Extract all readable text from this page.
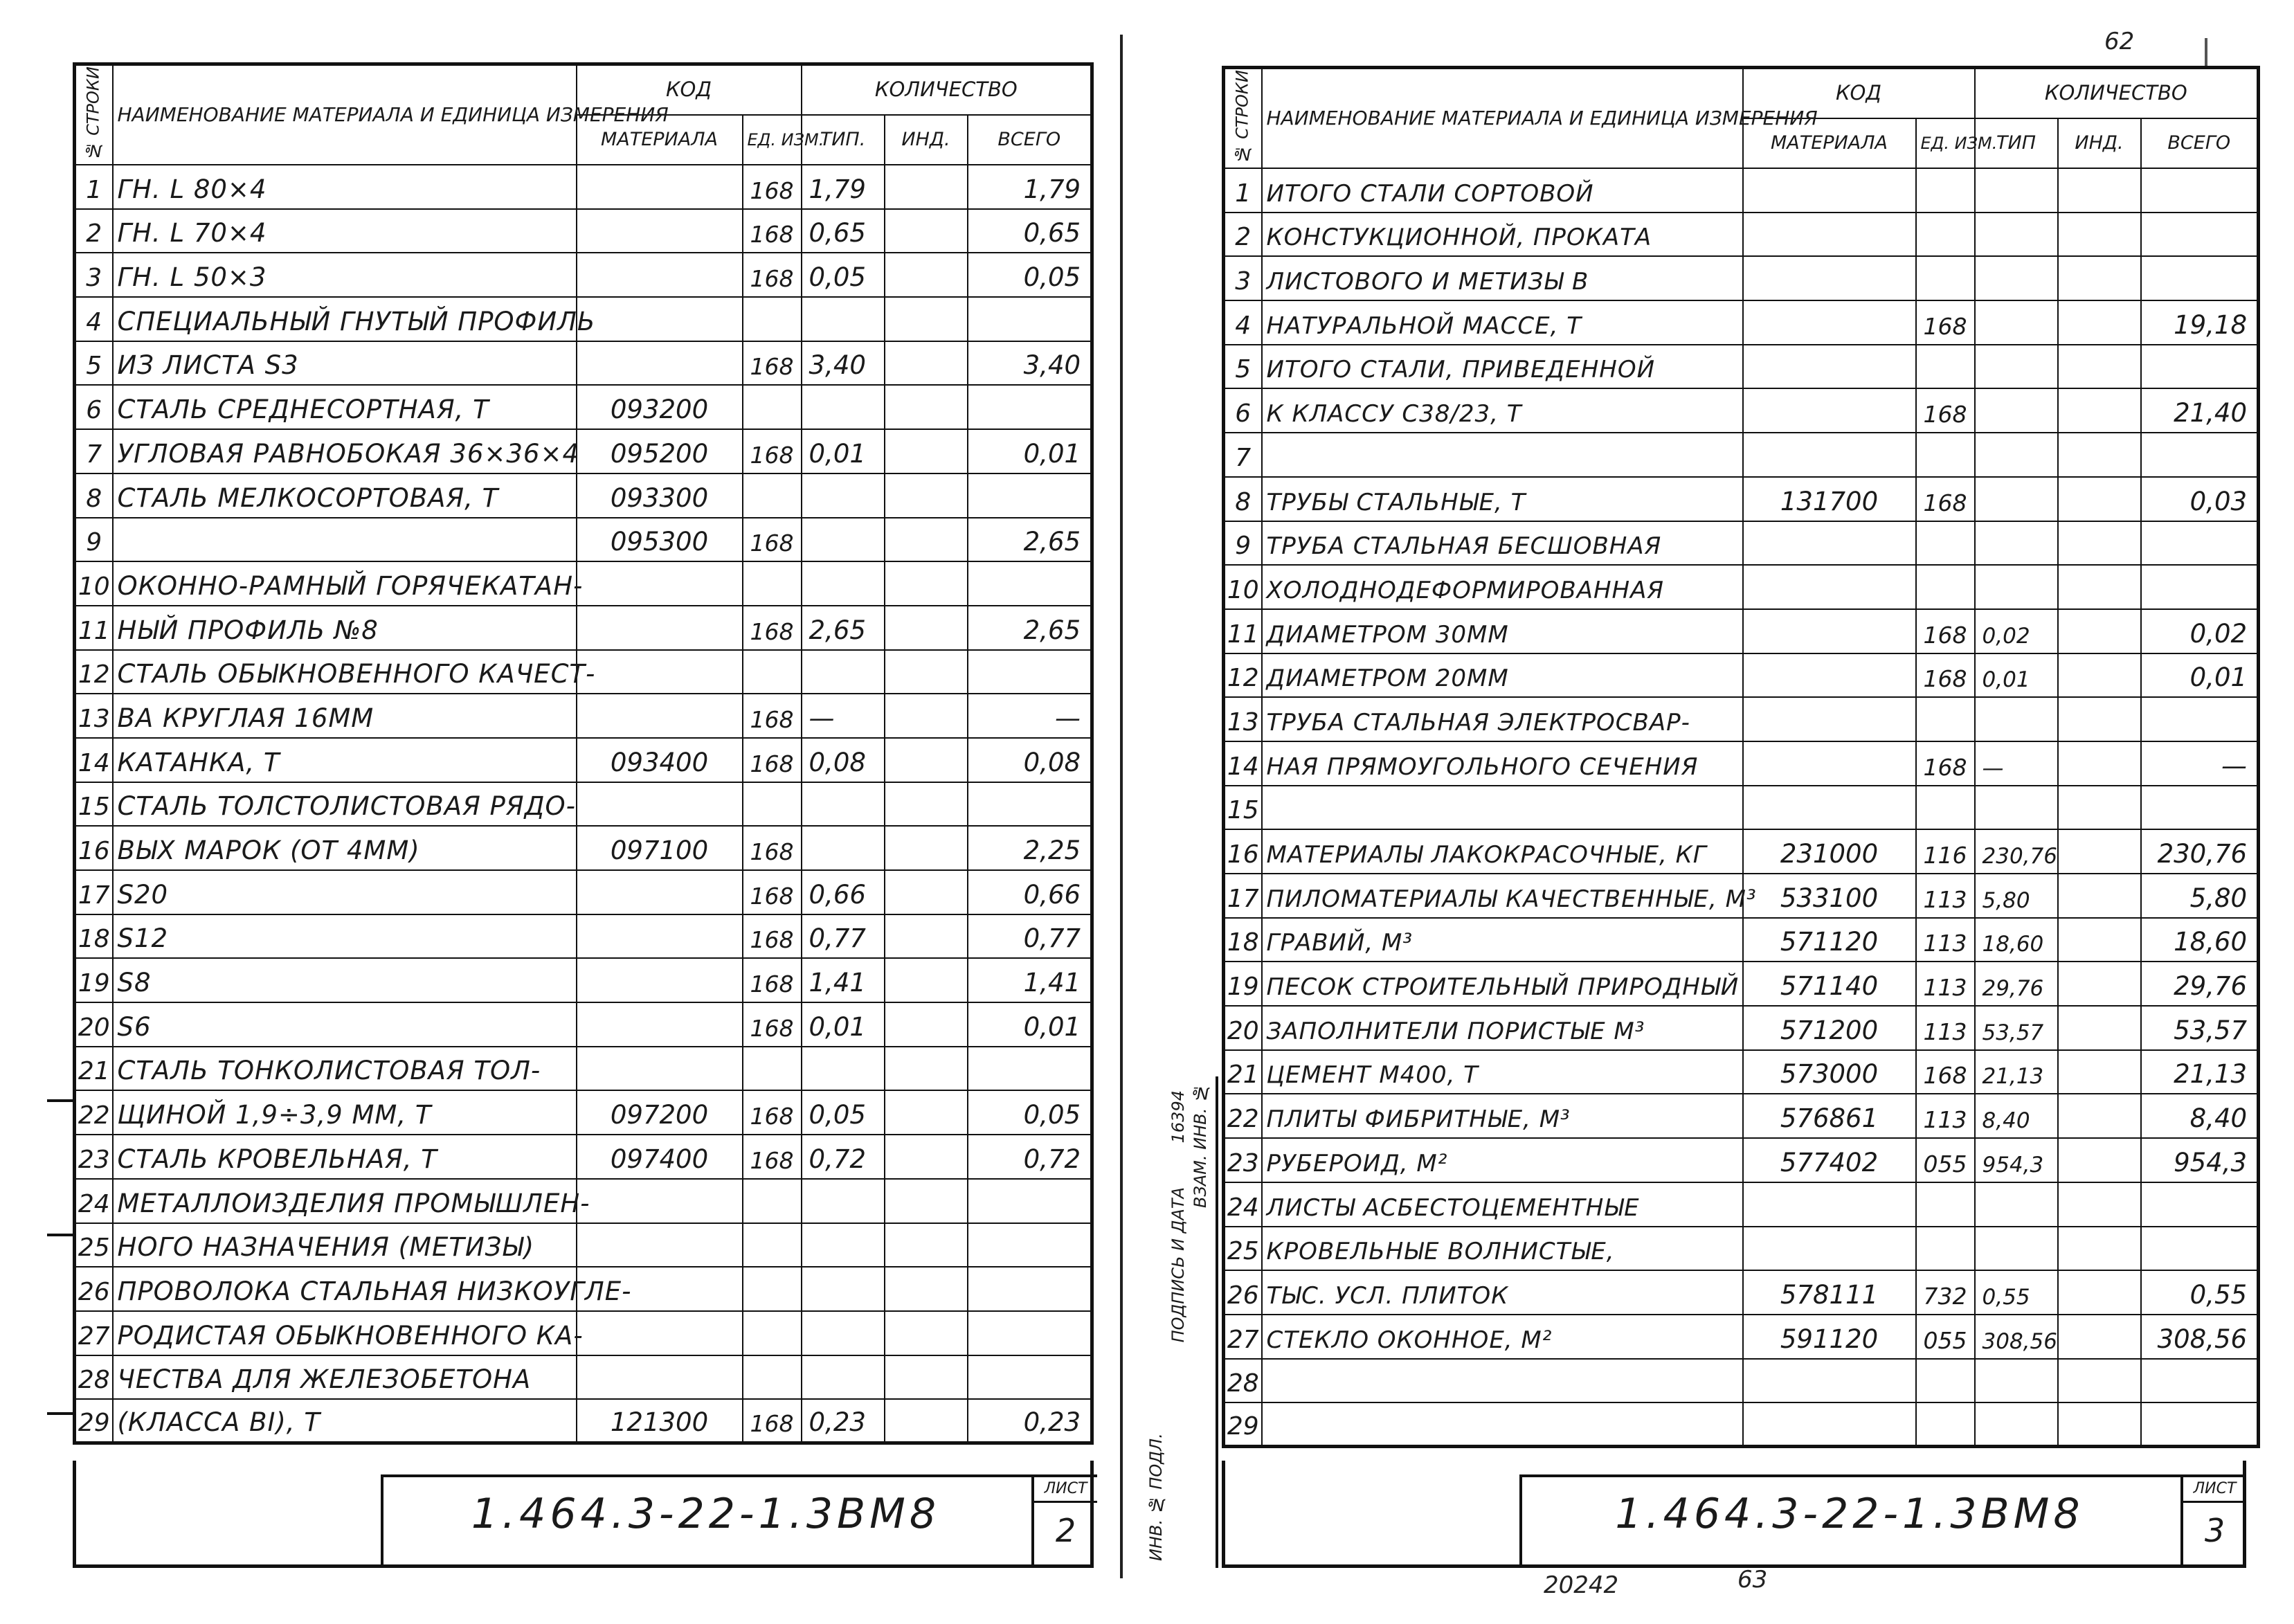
№ СТРОКИ	НАИМЕНОВАНИЕ МАТЕРИАЛА И ЕДИНИЦА ИЗМЕРЕНИЯ	КОД		КОЛИЧЕСТВО		
		МАТЕРИАЛА	ЕД. ИЗМ.	ТИП.	ИНД.	ВСЕГО
1	ГН. L 80×4		168	1,79		1,79
2	ГН. L 70×4		168	0,65		0,65
3	ГН. L 50×3		168	0,05		0,05
4	СПЕЦИАЛЬНЫЙ ГНУТЫЙ ПРОФИЛЬ					
5	ИЗ ЛИСТА S3		168	3,40		3,40
6	СТАЛЬ СРЕДНЕСОРТНАЯ, Т	093200				
7	УГЛОВАЯ РАВНОБОКАЯ 36×36×4	095200	168	0,01		0,01
8	СТАЛЬ МЕЛКОСОРТОВАЯ, Т	093300				
9		095300	168			2,65
10	ОКОННО-РАМНЫЙ ГОРЯЧЕКАТАН-					
11	НЫЙ ПРОФИЛЬ №8		168	2,65		2,65
12	СТАЛЬ ОБЫКНОВЕННОГО КАЧЕСТ-					
13	ВА КРУГЛАЯ 16ММ		168	—		—
14	КАТАНКА, Т	093400	168	0,08		0,08
15	СТАЛЬ ТОЛСТОЛИСТОВАЯ РЯДО-					
16	ВЫХ МАРОК (ОТ 4ММ)	097100	168			2,25
17	S20		168	0,66		0,66
18	S12		168	0,77		0,77
19	S8		168	1,41		1,41
20	S6		168	0,01		0,01
21	СТАЛЬ ТОНКОЛИСТОВАЯ ТОЛ-					
22	ЩИНОЙ 1,9÷3,9 ММ, Т	097200	168	0,05		0,05
23	СТАЛЬ КРОВЕЛЬНАЯ, Т	097400	168	0,72		0,72
24	МЕТАЛЛОИЗДЕЛИЯ ПРОМЫШЛЕН-					
25	НОГО НАЗНАЧЕНИЯ (МЕТИЗЫ)					
26	ПРОВОЛОКА СТАЛЬНАЯ НИЗКОУГЛЕ-					
27	РОДИСТАЯ ОБЫКНОВЕННОГО КА-					
28	ЧЕСТВА ДЛЯ ЖЕЛЕЗОБЕТОНА					
29	(КЛАССА BI), Т	121300	168	0,23		0,23
1.464.3-22-1.3ВМ8
ЛИСТ
2
62
№ СТРОКИ	НАИМЕНОВАНИЕ МАТЕРИАЛА И ЕДИНИЦА ИЗМЕРЕНИЯ	КОД		КОЛИЧЕСТВО		
		МАТЕРИАЛА	ЕД. ИЗМ.	ТИП	ИНД.	ВСЕГО
1	ИТОГО СТАЛИ СОРТОВОЙ					
2	КОНСТУКЦИОННОЙ, ПРОКАТА					
3	ЛИСТОВОГО И МЕТИЗЫ В					
4	НАТУРАЛЬНОЙ МАССЕ, Т		168			19,18
5	ИТОГО СТАЛИ, ПРИВЕДЕННОЙ					
6	К КЛАССУ С38/23, Т		168			21,40
7						
8	ТРУБЫ СТАЛЬНЫЕ, Т	131700	168			0,03
9	ТРУБА СТАЛЬНАЯ БЕСШОВНАЯ					
10	ХОЛОДНОДЕФОРМИРОВАННАЯ					
11	ДИАМЕТРОМ 30ММ		168	0,02		0,02
12	ДИАМЕТРОМ 20ММ		168	0,01		0,01
13	ТРУБА СТАЛЬНАЯ ЭЛЕКТРОСВАР-					
14	НАЯ ПРЯМОУГОЛЬНОГО СЕЧЕНИЯ		168	—		—
15						
16	МАТЕРИАЛЫ ЛАКОКРАСОЧНЫЕ, КГ	231000	116	230,76		230,76
17	ПИЛОМАТЕРИАЛЫ КАЧЕСТВЕННЫЕ, М³	533100	113	5,80		5,80
18	ГРАВИЙ, М³	571120	113	18,60		18,60
19	ПЕСОК СТРОИТЕЛЬНЫЙ ПРИРОДНЫЙ	571140	113	29,76		29,76
20	ЗАПОЛНИТЕЛИ ПОРИСТЫЕ М³	571200	113	53,57		53,57
21	ЦЕМЕНТ М400, Т	573000	168	21,13		21,13
22	ПЛИТЫ ФИБРИТНЫЕ, М³	576861	113	8,40		8,40
23	РУБЕРОИД, М²	577402	055	954,3		954,3
24	ЛИСТЫ АСБЕСТОЦЕМЕНТНЫЕ					
25	КРОВЕЛЬНЫЕ ВОЛНИСТЫЕ,					
26	ТЫС. УСЛ. ПЛИТОК	578111	732	0,55		0,55
27	СТЕКЛО ОКОННОЕ, М²	591120	055	308,56		308,56
28						
29						
1.464.3-22-1.3ВМ8
ЛИСТ
3
20242	63
ИНВ. № ПОДЛ.
ПОДПИСЬ И ДАТА
16394 ВЗАМ. ИНВ. №
